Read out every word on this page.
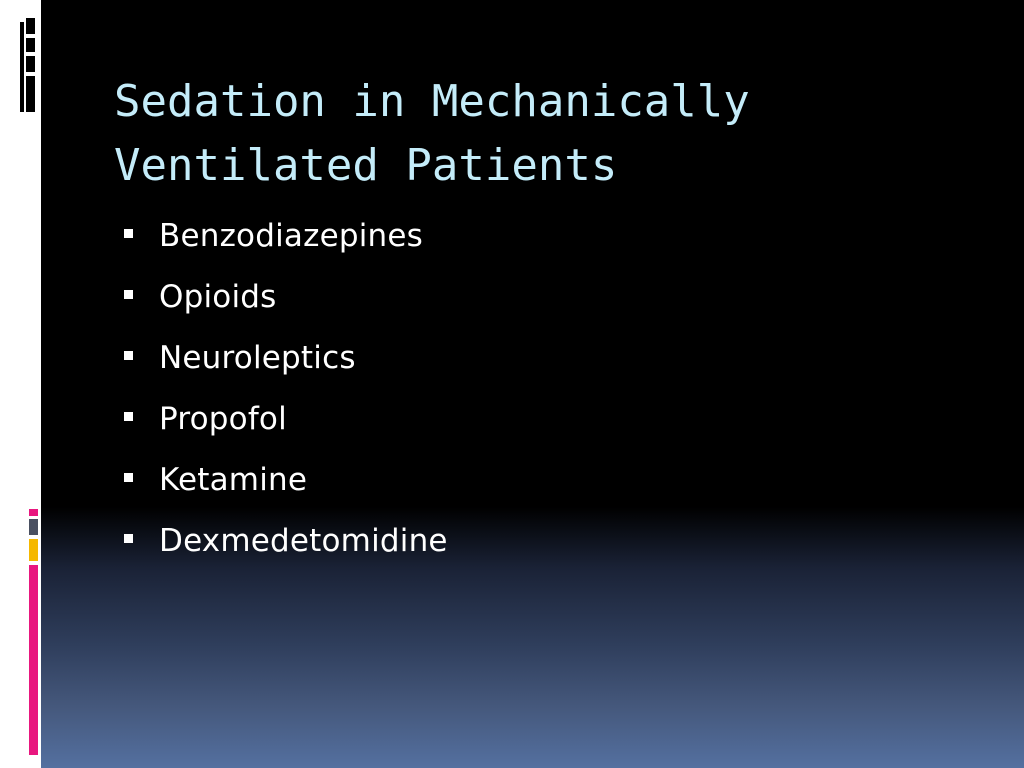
Sedation in Mechanically
Ventilated Patients
Benzodiazepines
Opioids
Neuroleptics
Propofol
Ketamine
Dexmedetomidine
